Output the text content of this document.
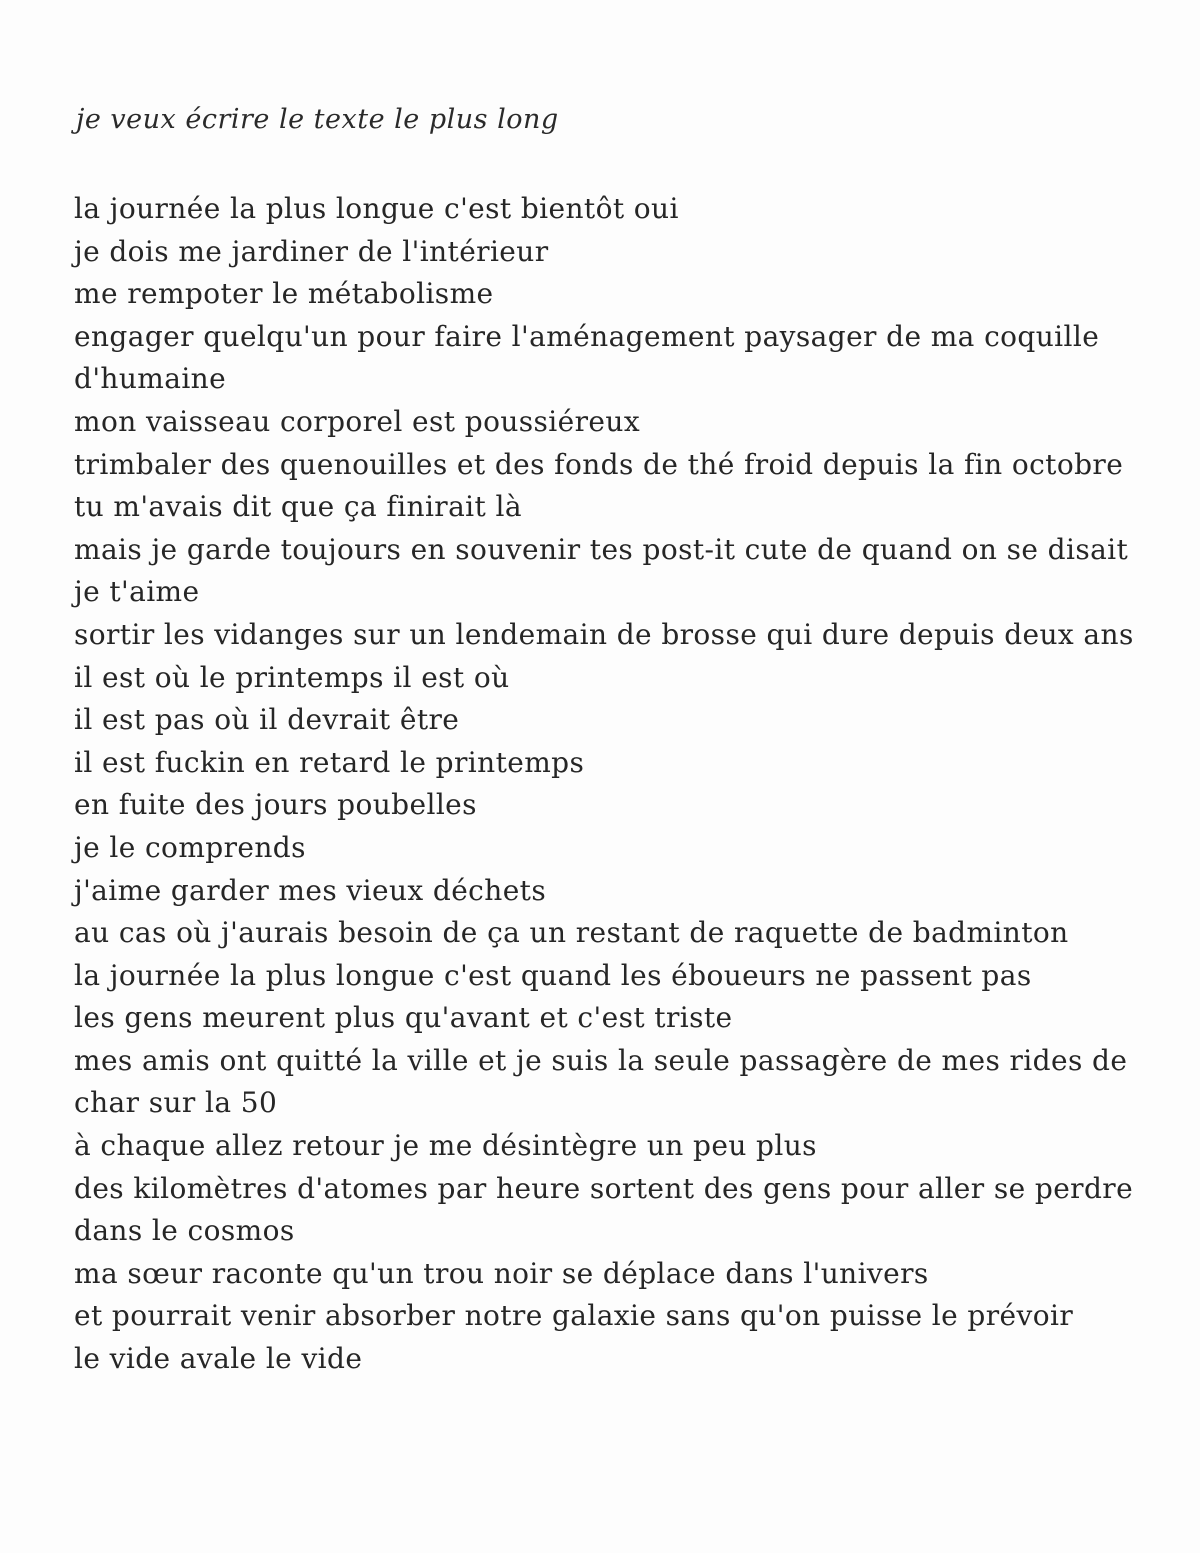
je veux écrire le texte le plus long
la journée la plus longue c'est bientôt oui
je dois me jardiner de l'intérieur
me rempoter le métabolisme
engager quelqu'un pour faire l'aménagement paysager de ma coquille
d'humaine
mon vaisseau corporel est poussiéreux
trimbaler des quenouilles et des fonds de thé froid depuis la fin octobre
tu m'avais dit que ça finirait là
mais je garde toujours en souvenir tes post-it cute de quand on se disait
je t'aime
sortir les vidanges sur un lendemain de brosse qui dure depuis deux ans
il est où le printemps il est où
il est pas où il devrait être
il est fuckin en retard le printemps
en fuite des jours poubelles
je le comprends
j'aime garder mes vieux déchets
au cas où j'aurais besoin de ça un restant de raquette de badminton
la journée la plus longue c'est quand les éboueurs ne passent pas
les gens meurent plus qu'avant et c'est triste
mes amis ont quitté la ville et je suis la seule passagère de mes rides de
char sur la 50
à chaque allez retour je me désintègre un peu plus
des kilomètres d'atomes par heure sortent des gens pour aller se perdre
dans le cosmos
ma sœur raconte qu'un trou noir se déplace dans l'univers
et pourrait venir absorber notre galaxie sans qu'on puisse le prévoir
le vide avale le vide
